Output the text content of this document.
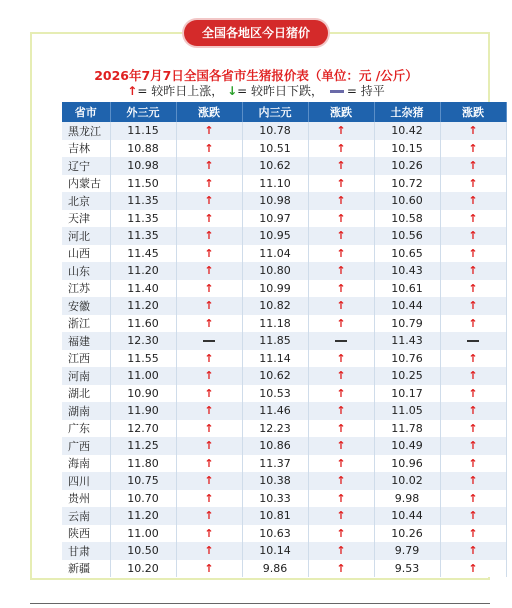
全国各地区今日猪价
2026年7月7日全国各省市生猪报价表（单位：元 /公斤）
↑= 较昨日上涨， ↓= 较昨日下跌， = 持平
省市	外三元	涨跌	内三元	涨跌	土杂猪	涨跌
黑龙江	11.15	↑	10.78	↑	10.42	↑
吉林	10.88	↑	10.51	↑	10.15	↑
辽宁	10.98	↑	10.62	↑	10.26	↑
内蒙古	11.50	↑	11.10	↑	10.72	↑
北京	11.35	↑	10.98	↑	10.60	↑
天津	11.35	↑	10.97	↑	10.58	↑
河北	11.35	↑	10.95	↑	10.56	↑
山西	11.45	↑	11.04	↑	10.65	↑
山东	11.20	↑	10.80	↑	10.43	↑
江苏	11.40	↑	10.99	↑	10.61	↑
安徽	11.20	↑	10.82	↑	10.44	↑
浙江	11.60	↑	11.18	↑	10.79	↑
福建	12.30		11.85		11.43	
江西	11.55	↑	11.14	↑	10.76	↑
河南	11.00	↑	10.62	↑	10.25	↑
湖北	10.90	↑	10.53	↑	10.17	↑
湖南	11.90	↑	11.46	↑	11.05	↑
广东	12.70	↑	12.23	↑	11.78	↑
广西	11.25	↑	10.86	↑	10.49	↑
海南	11.80	↑	11.37	↑	10.96	↑
四川	10.75	↑	10.38	↑	10.02	↑
贵州	10.70	↑	10.33	↑	9.98	↑
云南	11.20	↑	10.81	↑	10.44	↑
陕西	11.00	↑	10.63	↑	10.26	↑
甘肃	10.50	↑	10.14	↑	9.79	↑
新疆	10.20	↑	9.86	↑	9.53	↑
